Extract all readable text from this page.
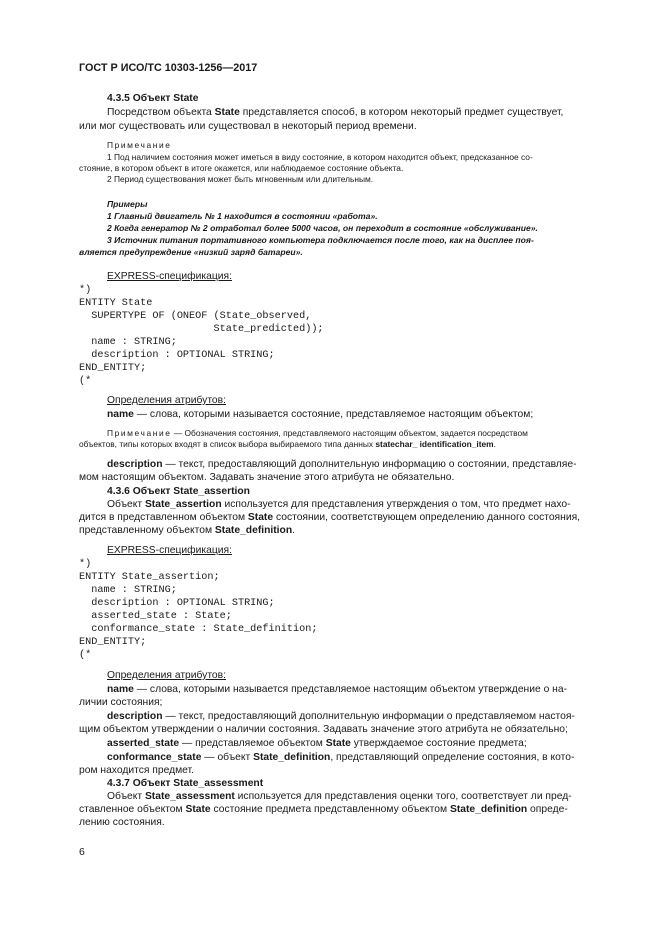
ГОСТ Р ИСО/ТС 10303-1256—2017
4.3.5 Объект State
Посредством объекта State представляется способ, в котором некоторый предмет существует,
или мог существовать или существовал в некоторый период времени.
Примечание
1 Под наличием состояния может иметься в виду состояние, в котором находится объект, предсказанное со-
стояние, в котором объект в итоге окажется, или наблюдаемое состояние объекта.
2 Период существования может быть мгновенным или длительным.
Примеры
1 Главный двигатель № 1 находится в состоянии «работа».
2 Когда генератор № 2 отработал более 5000 часов, он переходит в состояние «обслуживание».
3 Источник питания портативного компьютера подключается после того, как на дисплее поя-
вляется предупреждение «низкий заряд батареи».
EXPRESS-спецификация:
*)
ENTITY State
SUPERTYPE OF (ONEOF (State_observed,
State_predicted));
name : STRING;
description : OPTIONAL STRING;
END_ENTITY;
(*
Определения атрибутов:
name — слова, которыми называется состояние, представляемое настоящим объектом;
Примечание — Обозначения состояния, представляемого настоящим объектом, задается посредством
объектов, типы которых входят в список выбора выбираемого типа данных statechar_ identification_item.
description — текст, предоставляющий дополнительную информацию о состоянии, представляе-
мом настоящим объектом. Задавать значение этого атрибута не обязательно.
4.3.6 Объект State_assertion
Объект State_assertion используется для представления утверждения о том, что предмет нахо-
дится в представленном объектом State состоянии, соответствующем определению данного состояния,
представленному объектом State_definition.
EXPRESS-спецификация:
*)
ENTITY State_assertion;
name : STRING;
description : OPTIONAL STRING;
asserted_state : State;
conformance_state : State_definition;
END_ENTITY;
(*
Определения атрибутов:
name — слова, которыми называется представляемое настоящим объектом утверждение о на-
личии состояния;
description — текст, предоставляющий дополнительную информации о представляемом настоя-
щим объектом утверждении о наличии состояния. Задавать значение этого атрибута не обязательно;
asserted_state — представляемое объектом State утверждаемое состояние предмета;
conformance_state — объект State_definition, представляющий определение состояния, в кото-
ром находится предмет.
4.3.7 Объект State_assessment
Объект State_assessment используется для представления оценки того, соответствует ли пред-
ставленное объектом State состояние предмета представленному объектом State_definition опреде-
лению состояния.
6
